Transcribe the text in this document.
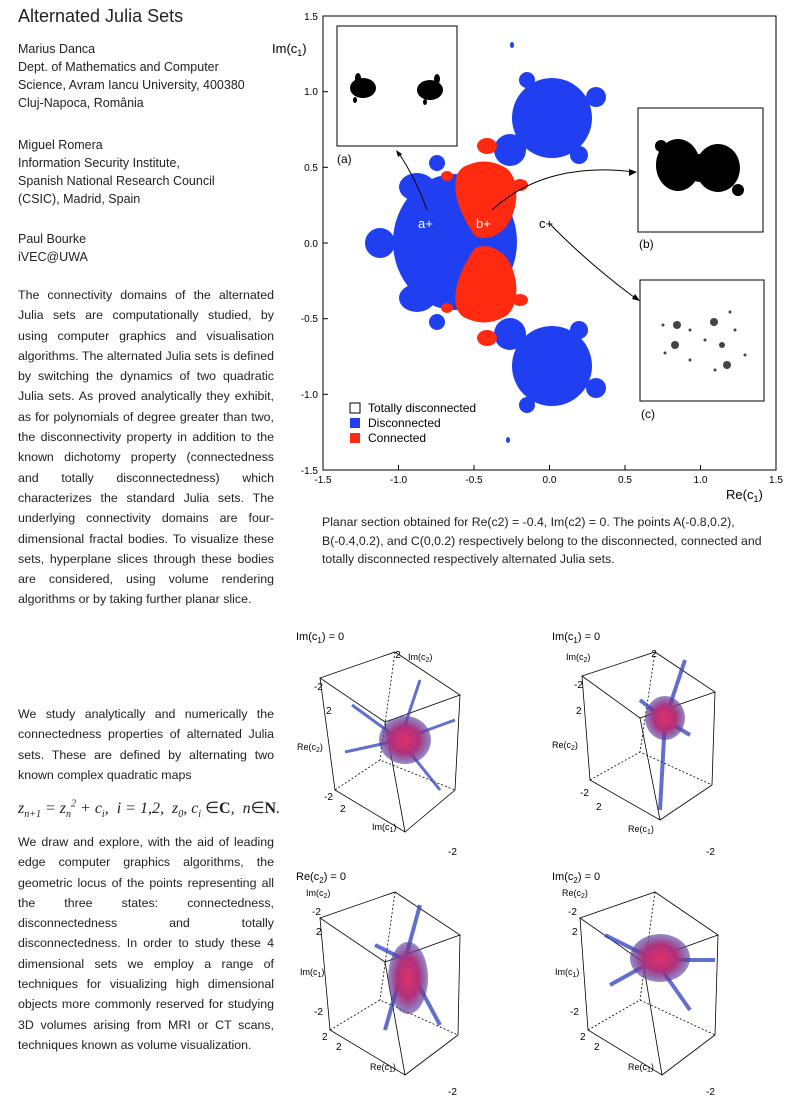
Alternated Julia Sets
Marius Danca
Dept. of Mathematics and Computer
Science, Avram Iancu University, 400380
Cluj-Napoca, România
Miguel Romera
Information Security Institute,
Spanish National Research Council
(CSIC), Madrid, Spain
Paul Bourke
iVEC@UWA
The connectivity domains of the alternated Julia sets are computationally studied, by using computer graphics and visualisation algorithms. The alternated Julia sets is defined by switching the dynamics of two quadratic Julia sets. As proved analytically they exhibit, as for polynomials of degree greater than two, the disconnectivity property in addition to the known dichotomy property (connectedness and totally disconnectedness) which characterizes the standard Julia sets. The underlying connectivity domains are four-dimensional fractal bodies. To visualize these sets, hyperplane slices through these bodies are considered, using volume rendering algorithms or by taking further planar slice.
We study analytically and numerically the connectedness properties of alternated Julia sets. These are defined by alternating two known complex quadratic maps
$z_{n+1} = z_n^2 + c_i$,  i = 1,2,  $z_0$, $c_i$ ∈C,  n∈N.
We draw and explore, with the aid of leading edge computer graphics algorithms, the geometric locus of the points representing all the three states: connectedness, disconnectedness and totally disconnectedness. In order to study these 4 dimensional sets we employ a range of techniques for visualizing high dimensional objects more commonly reserved for studying 3D volumes arising from MRI or CT scans, techniques known as volume visualization.
-1.5	-1.0	-0.5	0.0	0.5	1.0	1.5
1.5
1.0
0.5
0.0
-0.5
-1.0
-1.5
$Im(c_1)$
$Re(c_1)$
(a)
(b)
(c)
a+	b+	c+
Totally disconnected
Disconnected
Connected
Planar section obtained for Re(c2) = -0.4, Im(c2) = 0. The points A(-0.8,0.2), B(-0.4,0.2), and C(0,0.2) respectively belong to the disconnected, connected and totally disconnected respectively alternated Julia sets.
$Im(c_1) = 0$
2 $Im(c_2)$
-2
$Re(c_2)$
2
-2
2
$Im(c_1)$
-2
$Im(c_1) = 0$
2
$Im(c_2)$
-2
$Re(c_2)$
2
-2
2
$Re(c_1)$
-2
$Re(c_2) = 0$
$Im(c_2)$
-2
2
$Im(c_1)$
-2
2
2
$Re(c_1)$
-2
$Im(c_2) = 0$
$Re(c_2)$
-2
2
$Im(c_1)$
-2
2
2
$Re(c_1)$
-2
